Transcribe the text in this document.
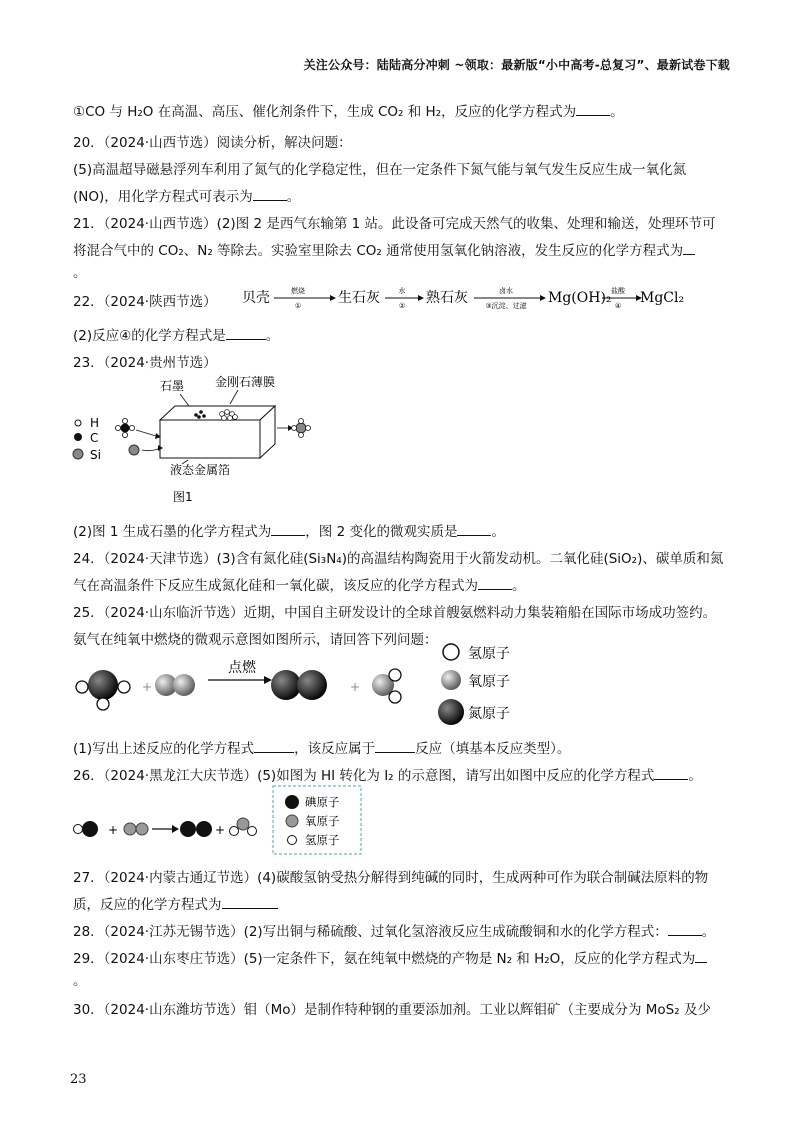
关注公众号：陆陆高分冲刺 ~领取：最新版“小中高考-总复习”、最新试卷下载
①CO 与 H₂O 在高温、高压、催化剂条件下，生成 CO₂ 和 H₂，反应的化学方程式为	。
20．（2024·山西节选）阅读分析，解决问题：
(5)高温超导磁悬浮列车利用了氮气的化学稳定性，但在一定条件下氮气能与氧气发生反应生成一氧化氮
(NO)，用化学方程式可表示为	。
21．（2024·山西节选）(2)图 2 是西气东输第 1 站。此设备可完成天然气的收集、处理和输送，处理环节可
将混合气中的 CO₂、N₂ 等除去。实验室里除去 CO₂ 通常使用氢氧化钠溶液，发生反应的化学方程式为
。
22．（2024·陕西节选） 贝壳	燃烧
①	生石灰	水
② 熟石灰	卤水
③沉淀、过滤 Mg(OH)₂ 盐酸
④ MgCl₂
(2)反应④的化学方程式是	。
23．（2024·贵州节选）
石墨	金刚石薄膜
H
C
Si
液态金属箔
图1
(2)图 1 生成石墨的化学方程式为	，图 2 变化的微观实质是	。
24．（2024·天津节选）(3)含有氮化硅(Si₃N₄)的高温结构陶瓷用于火箭发动机。二氧化硅(SiO₂)、碳单质和氮
气在高温条件下反应生成氮化硅和一氧化碳，该反应的化学方程式为	。
25．（2024·山东临沂节选）近期，中国自主研发设计的全球首艘氨燃料动力集装箱船在国际市场成功签约。
氨气在纯氧中燃烧的微观示意图如图所示，请回答下列问题：
+
点燃
+
氢原子
氧原子
氮原子
(1)写出上述反应的化学方程式	，该反应属于	反应（填基本反应类型）。
26．（2024·黑龙江大庆节选）(5)如图为 HI 转化为 I₂ 的示意图，请写出如图中反应的化学方程式	。
+	+
碘原子
氧原子
氢原子
27．（2024·内蒙古通辽节选）(4)碳酸氢钠受热分解得到纯碱的同时，生成两种可作为联合制碱法原料的物
质，反应的化学方程式为
28．（2024·江苏无锡节选）(2)写出铜与稀硫酸、过氧化氢溶液反应生成硫酸铜和水的化学方程式：	。
29．（2024·山东枣庄节选）(5)一定条件下，氨在纯氧中燃烧的产物是 N₂ 和 H₂O，反应的化学方程式为
。
30．（2024·山东潍坊节选）钼（Mo）是制作特种钢的重要添加剂。工业以辉钼矿（主要成分为 MoS₂ 及少
23
